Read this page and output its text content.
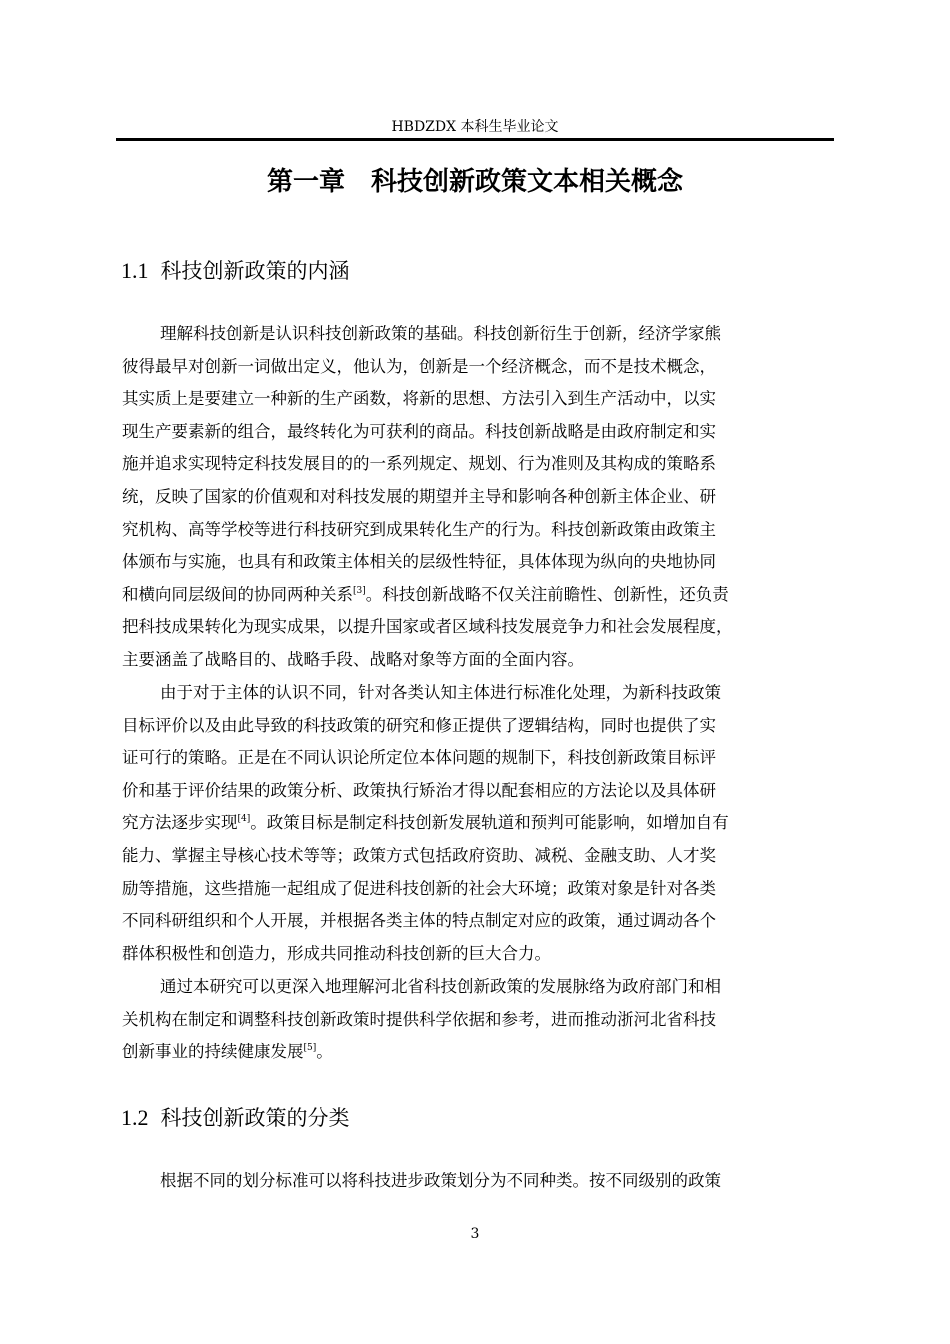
HBDZDX 本科生毕业论文
第一章　科技创新政策文本相关概念
1.1 科技创新政策的内涵
理解科技创新是认识科技创新政策的基础。科技创新衍生于创新，经济学家熊
彼得最早对创新一词做出定义，他认为，创新是一个经济概念，而不是技术概念，
其实质上是要建立一种新的生产函数，将新的思想、方法引入到生产活动中，以实
现生产要素新的组合，最终转化为可获利的商品。科技创新战略是由政府制定和实
施并追求实现特定科技发展目的的一系列规定、规划、行为准则及其构成的策略系
统，反映了国家的价值观和对科技发展的期望并主导和影响各种创新主体企业、研
究机构、高等学校等进行科技研究到成果转化生产的行为。科技创新政策由政策主
体颁布与实施，也具有和政策主体相关的层级性特征，具体体现为纵向的央地协同
和横向同层级间的协同两种关系[3]。科技创新战略不仅关注前瞻性、创新性，还负责
把科技成果转化为现实成果，以提升国家或者区域科技发展竞争力和社会发展程度，
主要涵盖了战略目的、战略手段、战略对象等方面的全面内容。
由于对于主体的认识不同，针对各类认知主体进行标准化处理，为新科技政策
目标评价以及由此导致的科技政策的研究和修正提供了逻辑结构，同时也提供了实
证可行的策略。正是在不同认识论所定位本体问题的规制下，科技创新政策目标评
价和基于评价结果的政策分析、政策执行矫治才得以配套相应的方法论以及具体研
究方法逐步实现[4]。政策目标是制定科技创新发展轨道和预判可能影响，如增加自有
能力、掌握主导核心技术等等；政策方式包括政府资助、减税、金融支助、人才奖
励等措施，这些措施一起组成了促进科技创新的社会大环境；政策对象是针对各类
不同科研组织和个人开展，并根据各类主体的特点制定对应的政策，通过调动各个
群体积极性和创造力，形成共同推动科技创新的巨大合力。
通过本研究可以更深入地理解河北省科技创新政策的发展脉络为政府部门和相
关机构在制定和调整科技创新政策时提供科学依据和参考，进而推动浙河北省科技
创新事业的持续健康发展[5]。
1.2 科技创新政策的分类
根据不同的划分标准可以将科技进步政策划分为不同种类。按不同级别的政策
3
